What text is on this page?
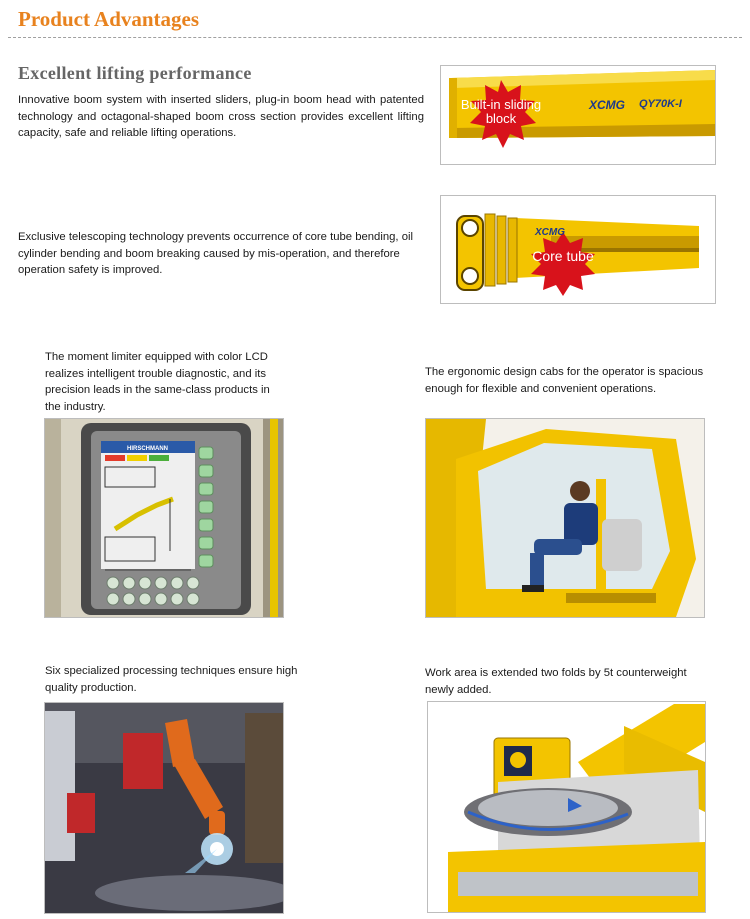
Product Advantages
Excellent lifting performance

Innovative boom system with inserted sliders, plug-in boom head with patented technology and octagonal-shaped boom cross section provides excellent lifting capacity, safe and reliable lifting operations.

Exclusive telescoping technology prevents occurrence of core tube bending, oil cylinder bending and boom breaking caused by mis-operation, and therefore operation safety is improved.

The moment limiter equipped with color LCD realizes intelligent trouble diagnostic, and its precision leads in the same-class products in the industry.

The ergonomic design cabs for the operator is spacious enough for flexible and convenient operations.

Six specialized processing techniques ensure high quality production.

Work area is extended two folds by 5t counterweight newly added.

Built-in sliding block
XCMG QY70K-I
Core tube
XCMG
HIRSCHMANN
